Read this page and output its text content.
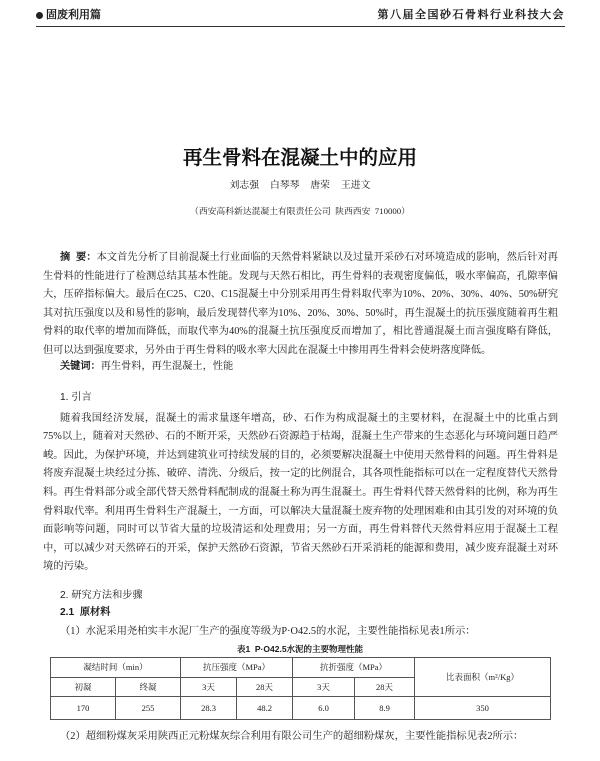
固废利用篇	第八届全国砂石骨料行业科技大会
再生骨料在混凝土中的应用
刘志强 白琴琴 唐荣 王进文
（西安高科新达混凝土有限责任公司  陕西西安  710000）
摘  要：本文首先分析了目前混凝土行业面临的天然骨料紧缺以及过量开采砂石对环境造成的影响，然后针对再生骨料的性能进行了检测总结其基本性能。发现与天然石相比，再生骨料的表观密度偏低，吸水率偏高，孔隙率偏大，压碎指标偏大。最后在C25、C20、C15混凝土中分别采用再生骨料取代率为10%、20%、30%、40%、50%研究其对抗压强度以及和易性的影响，最后发现替代率为10%、20%、30%、50%时，再生混凝土的抗压强度随着再生粗骨料的取代率的增加而降低，而取代率为40%的混凝土抗压强度反而增加了，相比普通混凝土而言强度略有降低，但可以达到强度要求，另外由于再生骨料的吸水率大因此在混凝土中掺用再生骨料会使坍落度降低。
关键词：再生骨料，再生混凝土，性能
1. 引言
随着我国经济发展，混凝土的需求量逐年增高，砂、石作为构成混凝土的主要材料，在混凝土中的比重占到75%以上，随着对天然砂、石的不断开采，天然砂石资源趋于枯竭，混凝土生产带来的生态恶化与环境问题日趋严峻。因此，为保护环境，并达到建筑业可持续发展的目的，必须要解决混凝土中使用天然骨料的问题。再生骨料是将废弃混凝土块经过分拣、破碎、清洗、分级后，按一定的比例混合，其各项性能指标可以在一定程度替代天然骨料。再生骨料部分或全部代替天然骨料配制成的混凝土称为再生混凝土。再生骨料代替天然骨料的比例，称为再生骨料取代率。利用再生骨料生产混凝土，一方面，可以解决大量混凝土废弃物的处理困难和由其引发的对环境的负面影响等问题，同时可以节省大量的垃圾清运和处理费用；另一方面，再生骨料替代天然骨料应用于混凝土工程中，可以减少对天然碎石的开采，保护天然砂石资源，节省天然砂石开采消耗的能源和费用，减少废弃混凝土对环境的污染。
2. 研究方法和步骤
2.1  原材料
（1）水泥采用尧柏实丰水泥厂生产的强度等级为P·O42.5的水泥，主要性能指标见表1所示：
表1  P·O42.5水泥的主要物理性能
凝结时间（min）		抗压强度（MPa）		抗折强度（MPa）		比表面积（m²/Kg）
初凝	终凝	3天	28天	3天	28天	
170	255	28.3	48.2	6.0	8.9	350
（2）超细粉煤灰采用陕西正元粉煤灰综合利用有限公司生产的超细粉煤灰，主要性能指标见表2所示：
